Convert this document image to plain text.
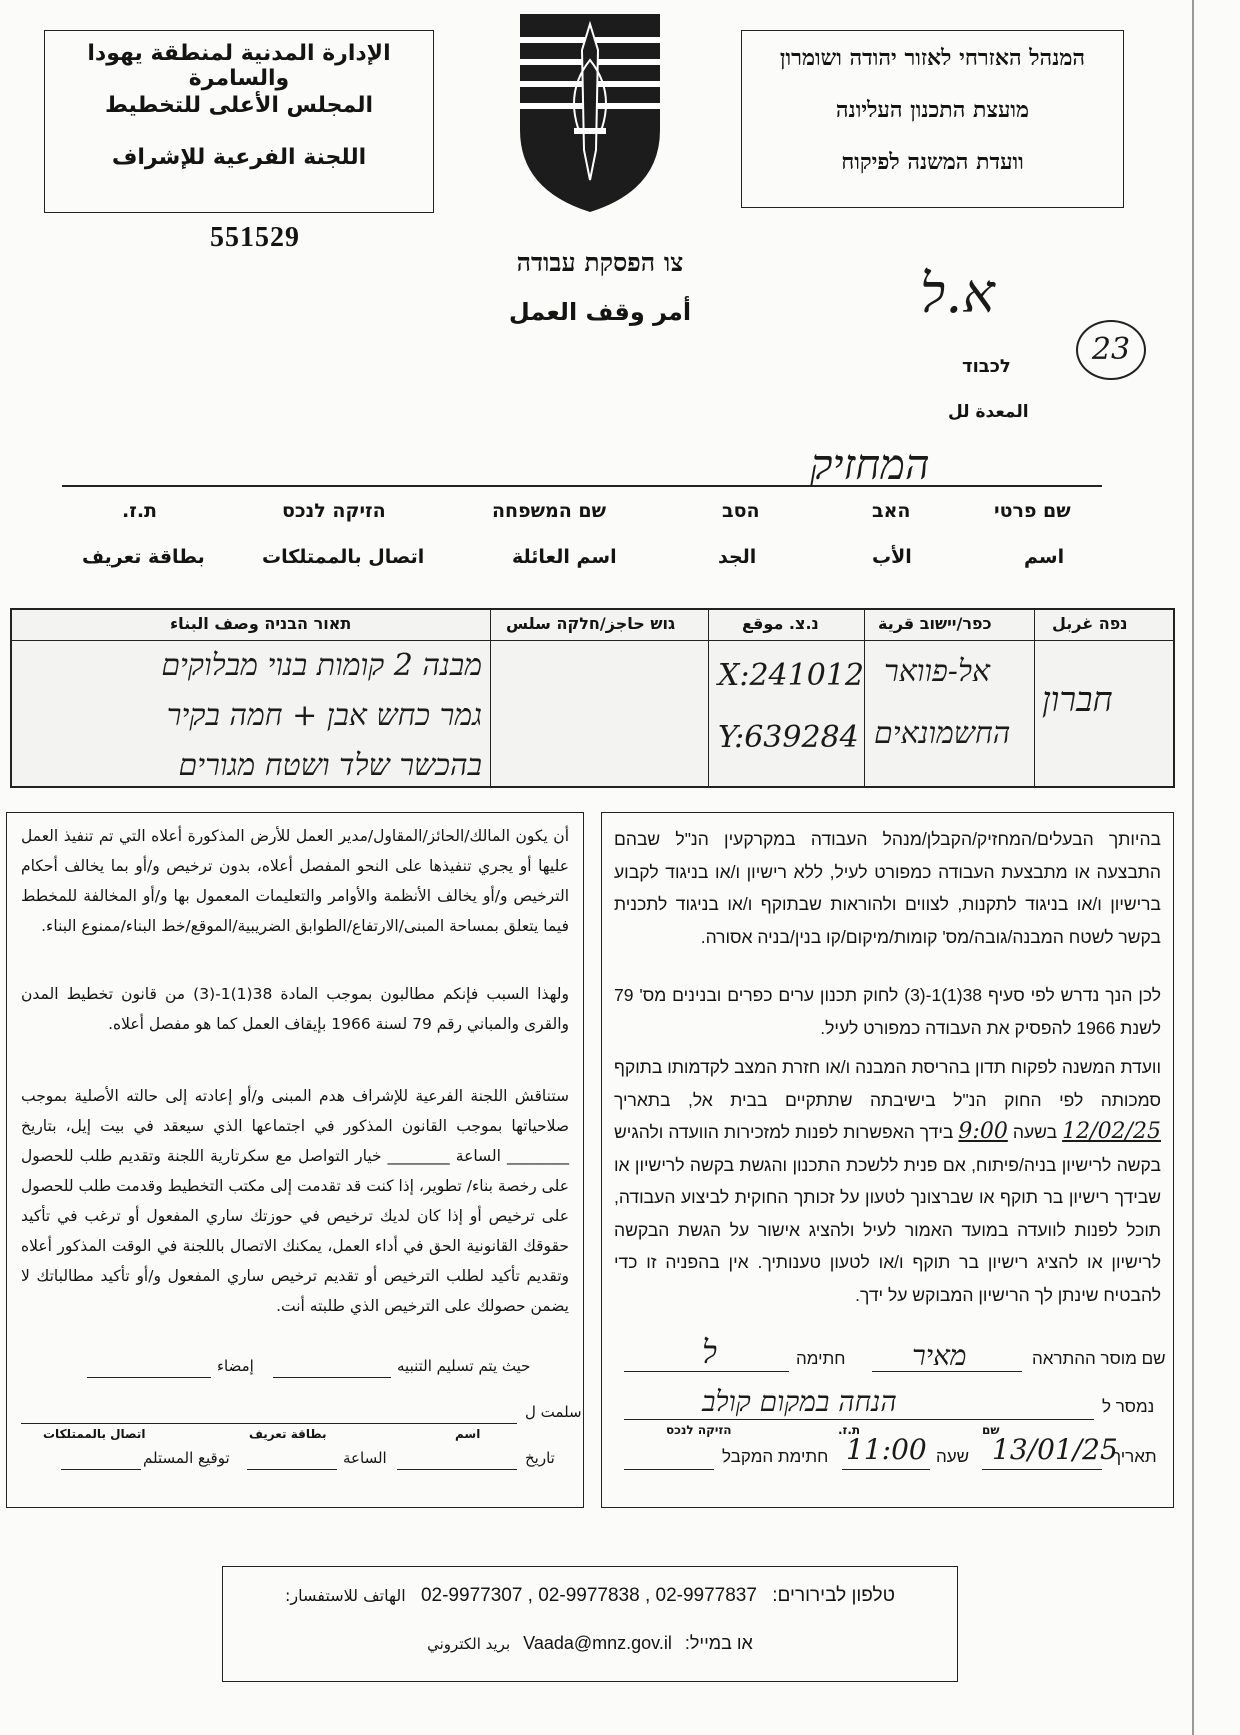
המנהל האזרחי לאזור יהודה ושומרון
מועצת התכנון העליונה
וועדת המשנה לפיקוח
الإدارة المدنية لمنطقة يهودا والسامرة
المجلس الأعلى للتخطيط
اللجنة الفرعية للإشراف
551529
צו הפסקת עבודה
أمر وقف العمل	א.ל
23
לכבוד
المعدة لل
המחזיק
שם פרטי
האב
הסב
שם המשפחה
הזיקה לנכס
ת.ז.
اسم
الأب
الجد
اسم العائلة
اتصال بالممتلكات
بطاقة تعريف
נפה غربل
כפר/יישוב قرية
נ.צ. موقع
גוש حاجز/חלקה سلس
תאור הבניה وصف البناء
חברון
אל-פוואר
החשמונאים
X:241012
Y:639284
מבנה 2 קומות בנוי מבלוקים
גמר כחש אבן + חמה בקיר
בהכשר שלד ושטח מגורים
בהיותך הבעלים/המחזיק/הקבלן/מנהל העבודה במקרקעין הנ"ל שבהם התבצעה או מתבצעת העבודה כמפורט לעיל, ללא רישיון ו/או בניגוד לקבוע ברישיון ו/או בניגוד לתקנות, לצווים ולהוראות שבתוקף ו/או בניגוד לתכנית בקשר לשטח המבנה/גובה/מס' קומות/מיקום/קו בנין/בניה אסורה.
לכן הנך נדרש לפי סעיף 38(1)1-(3) לחוק תכנון ערים כפרים ובנינים מס' 79 לשנת 1966 להפסיק את העבודה כמפורט לעיל.
וועדת המשנה לפקוח תדון בהריסת המבנה ו/או חזרת המצב לקדמותו בתוקף סמכותה לפי החוק הנ"ל בישיבתה שתתקיים בבית אל, בתאריך 12/02/25 בשעה 9:00 בידך האפשרות לפנות למזכירות הוועדה ולהגיש בקשה לרישיון בניה/פיתוח, אם פנית ללשכת התכנון והגשת בקשה לרישיון או שבידך רישיון בר תוקף או שברצונך לטעון על זכותך החוקית לביצוע העבודה, תוכל לפנות לוועדה במועד האמור לעיל ולהציג אישור על הגשת הבקשה לרישיון או להציג רישיון בר תוקף ו/או לטעון טענותיך. אין בהפניה זו כדי להבטיח שינתן לך הרישיון המבוקש על ידך.
שם מוסר ההתראה
מאיר
חתימה
ל
נמסר ל
הנחה במקום קולב
שם
ת.ז.
הזיקה לנכס
תאריך
13/01/25
שעה
11:00
חתימת המקבל
أن يكون المالك/الحائز/المقاول/مدير العمل للأرض المذكورة أعلاه التي تم تنفيذ العمل عليها أو يجري تنفيذها على النحو المفصل أعلاه، بدون ترخيص و/أو بما يخالف أحكام الترخيص و/أو يخالف الأنظمة والأوامر والتعليمات المعمول بها و/أو المخالفة للمخطط فيما يتعلق بمساحة المبنى/الارتفاع/الطوابق الضريبية/الموقع/خط البناء/ممنوع البناء.
ولهذا السبب فإنكم مطالبون بموجب المادة 38(1)1-(3) من قانون تخطيط المدن والقرى والمباني رقم 79 لسنة 1966 بإيقاف العمل كما هو مفصل أعلاه.
ستناقش اللجنة الفرعية للإشراف هدم المبنى و/أو إعادته إلى حالته الأصلية بموجب صلاحياتها بموجب القانون المذكور في اجتماعها الذي سيعقد في بيت إيل، بتاريخ ________ الساعة ________ خيار التواصل مع سكرتارية اللجنة وتقديم طلب للحصول على رخصة بناء/ تطوير، إذا كنت قد تقدمت إلى مكتب التخطيط وقدمت طلب للحصول على ترخيص أو إذا كان لديك ترخيص في حوزتك ساري المفعول أو ترغب في تأكيد حقوقك القانونية الحق في أداء العمل، يمكنك الاتصال باللجنة في الوقت المذكور أعلاه وتقديم تأكيد لطلب الترخيص أو تقديم ترخيص ساري المفعول و/أو تأكيد مطالباتك لا يضمن حصولك على الترخيص الذي طلبته أنت.
حيث يتم تسليم التنبيه
إمضاء
سلمت ل
اسم
بطاقة تعريف
اتصال بالممتلكات
تاريخ
الساعة
توقيع المستلم
:الهاتف للاستفسار 02-9977307 , 02-9977838 , 02-9977837 טלפון לבירורים:
بريد الكتروني Vaada@mnz.gov.il או במייל:
